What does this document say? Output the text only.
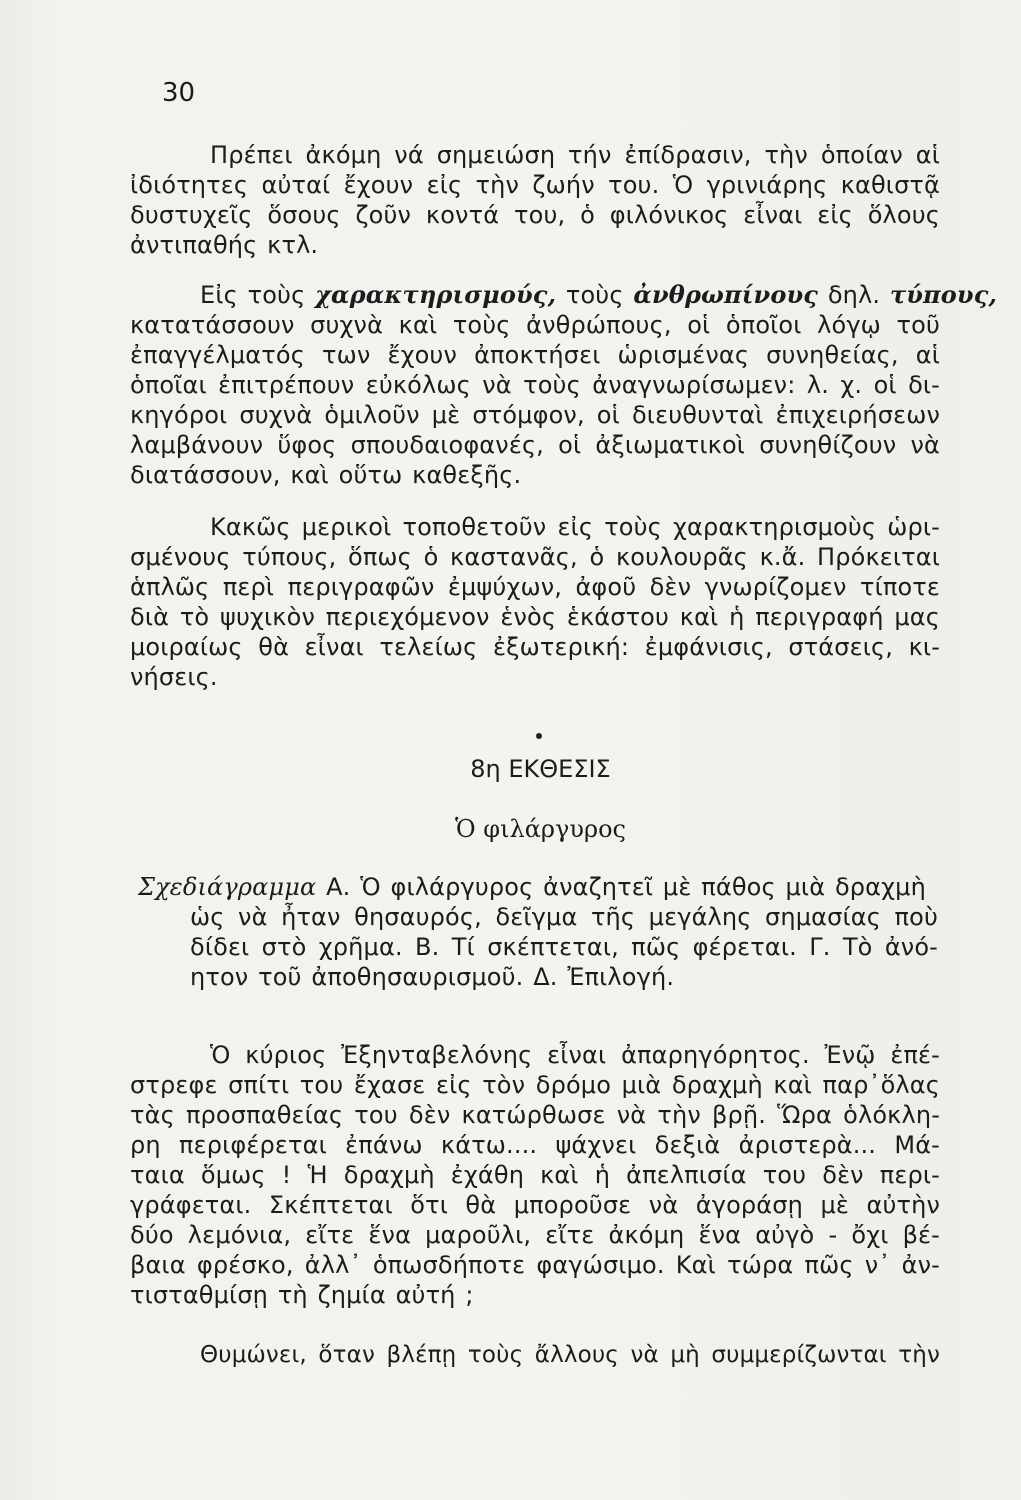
30
Πρέπει ἀκόμη νά σημειώση τήν ἐπίδρασιν, τὴν ὁποίαν αἱ
ἰδιότητες αὐταί ἔχουν εἰς τὴν ζωήν του. Ὁ γρινιάρης καθιστᾷ
δυστυχεῖς ὅσους ζοῦν κοντά του, ὁ φιλόνικος εἶναι εἰς ὅλους
ἀντιπαθής κτλ.
Εἰς τοὺς χαρακτηρισμούς, τοὺς ἀνθρωπίνους δηλ. τύπους,
κατατάσσουν συχνὰ καὶ τοὺς ἀνθρώπους, οἱ ὁποῖοι λόγῳ τοῦ
ἐπαγγέλματός των ἔχουν ἀποκτήσει ὡρισμένας συνηθείας, αἱ
ὁποῖαι ἐπιτρέπουν εὐκόλως νὰ τοὺς ἀναγνωρίσωμεν: λ. χ. οἱ δι-
κηγόροι συχνὰ ὁμιλοῦν μὲ στόμφον, οἱ διευθυνταὶ ἐπιχειρήσεων
λαμβάνουν ὕφος σπουδαιοφανές, οἱ ἀξιωματικοὶ συνηθίζουν νὰ
διατάσσουν, καὶ οὕτω καθεξῆς.
Κακῶς μερικοὶ τοποθετοῦν εἰς τοὺς χαρακτηρισμοὺς ὡρι-
σμένους τύπους, ὅπως ὁ καστανᾶς, ὁ κουλουρᾶς κ.ἄ. Πρόκειται
ἁπλῶς περὶ περιγραφῶν ἐμψύχων, ἀφοῦ δὲν γνωρίζομεν τίποτε
διὰ τὸ ψυχικὸν περιεχόμενον ἑνὸς ἑκάστου καὶ ἡ περιγραφή μας
μοιραίως θὰ εἶναι τελείως ἐξωτερική: ἐμφάνισις, στάσεις, κι-
νήσεις.
8η ΕΚΘΕΣΙΣ
Ὁ φιλάργυρος
Σχεδιάγραμμα Α. Ὁ φιλάργυρος ἀναζητεῖ μὲ πάθος μιὰ δραχμὴ
ὡς νὰ ἦταν θησαυρός, δεῖγμα τῆς μεγάλης σημασίας ποὺ
δίδει στὸ χρῆμα. Β. Τί σκέπτεται, πῶς φέρεται. Γ. Τὸ ἀνό-
ητον τοῦ ἀποθησαυρισμοῦ. Δ. Ἐπιλογή.
Ὁ κύριος Ἐξηνταβελόνης εἶναι ἀπαρηγόρητος. Ἐνῷ ἐπέ-
στρεφε σπίτι του ἔχασε εἰς τὸν δρόμο μιὰ δραχμὴ καὶ παρ᾿ὅλας
τὰς προσπαθείας του δὲν κατώρθωσε νὰ τὴν βρῇ. Ὥρα ὁλόκλη-
ρη περιφέρεται ἐπάνω κάτω.... ψάχνει δεξιὰ ἀριστερὰ... Μά-
ταια ὅμως ! Ἡ δραχμὴ ἐχάθη καὶ ἡ ἀπελπισία του δὲν περι-
γράφεται. Σκέπτεται ὅτι θὰ μποροῦσε νὰ ἀγοράσῃ μὲ αὐτὴν
δύο λεμόνια, εἴτε ἕνα μαροῦλι, εἴτε ἀκόμη ἕνα αὐγὸ - ὄχι βέ-
βαια φρέσκο, ἀλλ᾿ ὁπωσδήποτε φαγώσιμο. Καὶ τώρα πῶς ν᾿ ἀν-
τισταθμίσῃ τὴ ζημία αὐτή ;
Θυμώνει, ὅταν βλέπῃ τοὺς ἄλλους νὰ μὴ συμμερίζωνται τὴν
